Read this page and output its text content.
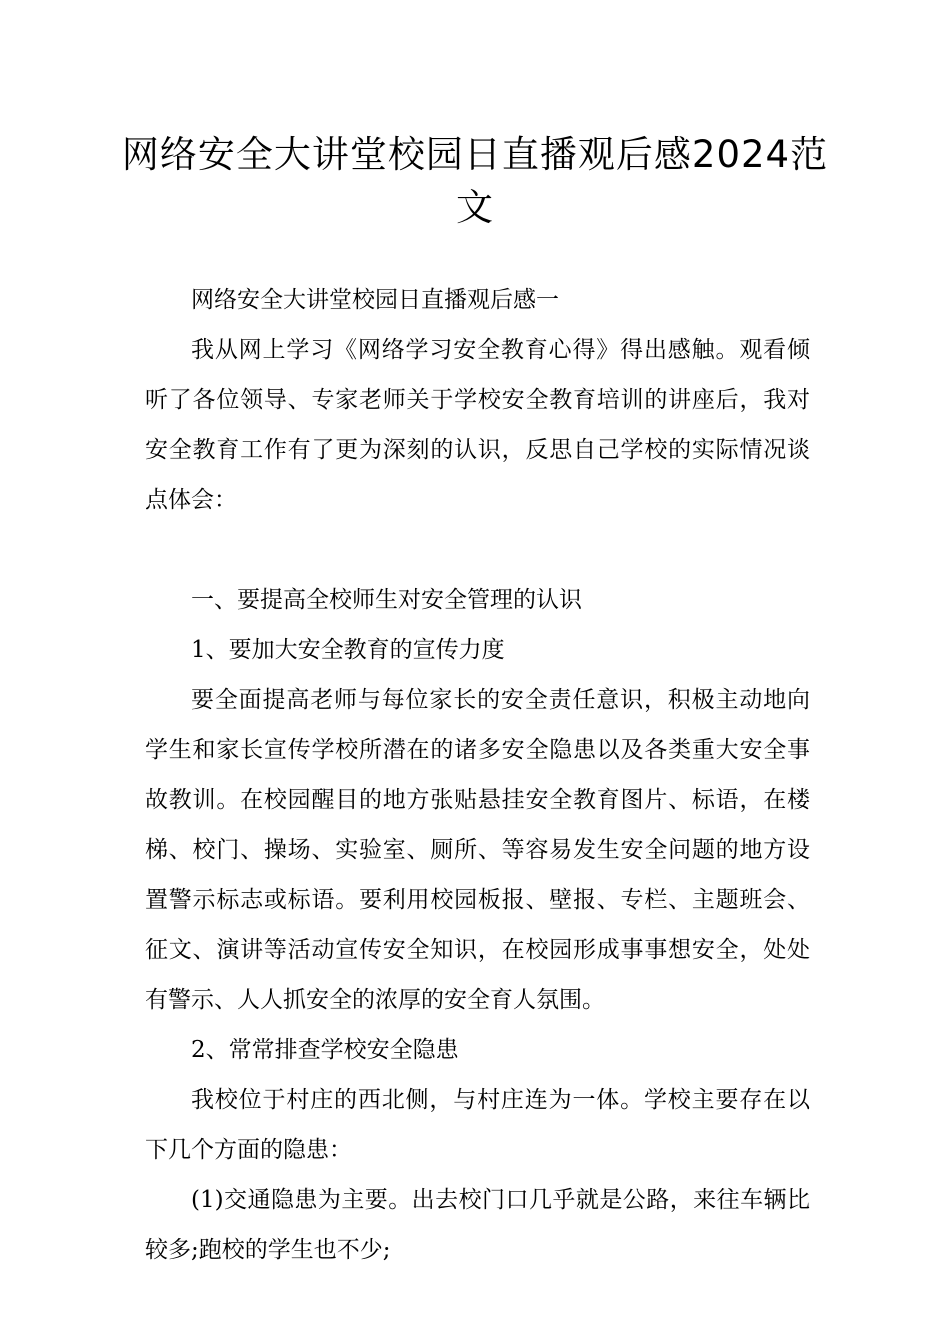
网络安全大讲堂校园日直播观后感2024范文

网络安全大讲堂校园日直播观后感一

我从网上学习《网络学习安全教育心得》得出感触。观看倾听了各位领导、专家老师关于学校安全教育培训的讲座后，我对安全教育工作有了更为深刻的认识，反思自己学校的实际情况谈点体会：

一、要提高全校师生对安全管理的认识

1、要加大安全教育的宣传力度

要全面提高老师与每位家长的安全责任意识，积极主动地向学生和家长宣传学校所潜在的诸多安全隐患以及各类重大安全事故教训。在校园醒目的地方张贴悬挂安全教育图片、标语，在楼梯、校门、操场、实验室、厕所、等容易发生安全问题的地方设置警示标志或标语。要利用校园板报、壁报、专栏、主题班会、征文、演讲等活动宣传安全知识，在校园形成事事想安全，处处有警示、人人抓安全的浓厚的安全育人氛围。

2、常常排查学校安全隐患

我校位于村庄的西北侧，与村庄连为一体。学校主要存在以下几个方面的隐患：

(1)交通隐患为主要。出去校门口几乎就是公路，来往车辆比较多;跑校的学生也不少;
